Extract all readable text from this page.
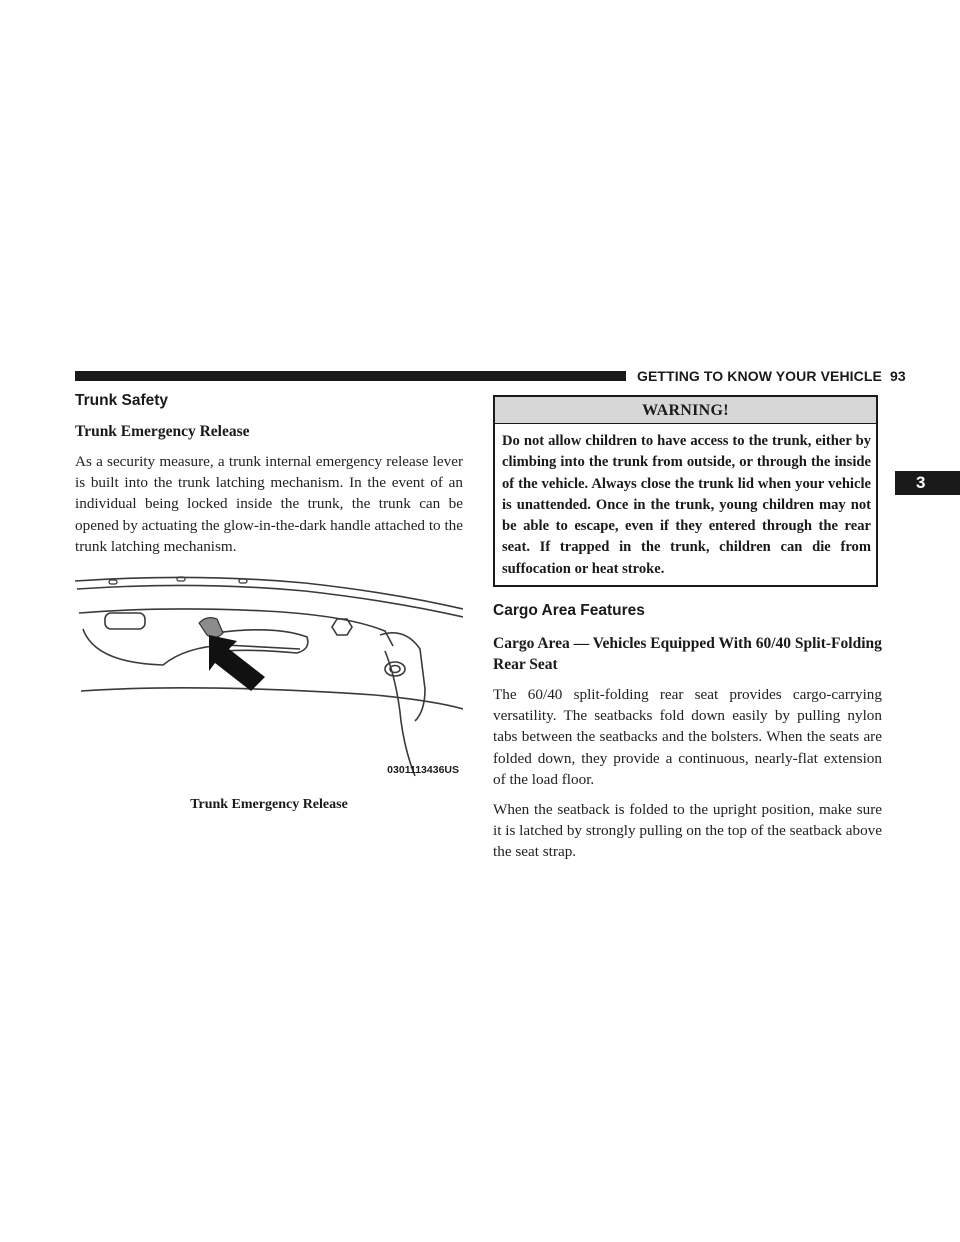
GETTING TO KNOW YOUR VEHICLE 93
3
Trunk Safety
Trunk Emergency Release

As a security measure, a trunk internal emergency release lever is built into the trunk latching mechanism. In the event of an individual being locked inside the trunk, the trunk can be opened by actuating the glow-in-the-dark handle attached to the trunk latching mechanism.

0301113436US
Trunk Emergency Release
WARNING!
Do not allow children to have access to the trunk, either by climbing into the trunk from outside, or through the inside of the vehicle. Always close the trunk lid when your vehicle is unattended. Once in the trunk, young children may not be able to escape, even if they entered through the rear seat. If trapped in the trunk, children can die from suffocation or heat stroke.
Cargo Area Features
Cargo Area — Vehicles Equipped With 60/40 Split-Folding Rear Seat

The 60/40 split-folding rear seat provides cargo-carrying versatility. The seatbacks fold down easily by pulling nylon tabs between the seatbacks and the bolsters. When the seats are folded down, they provide a continuous, nearly-flat extension of the load floor.

When the seatback is folded to the upright position, make sure it is latched by strongly pulling on the top of the seatback above the seat strap.
